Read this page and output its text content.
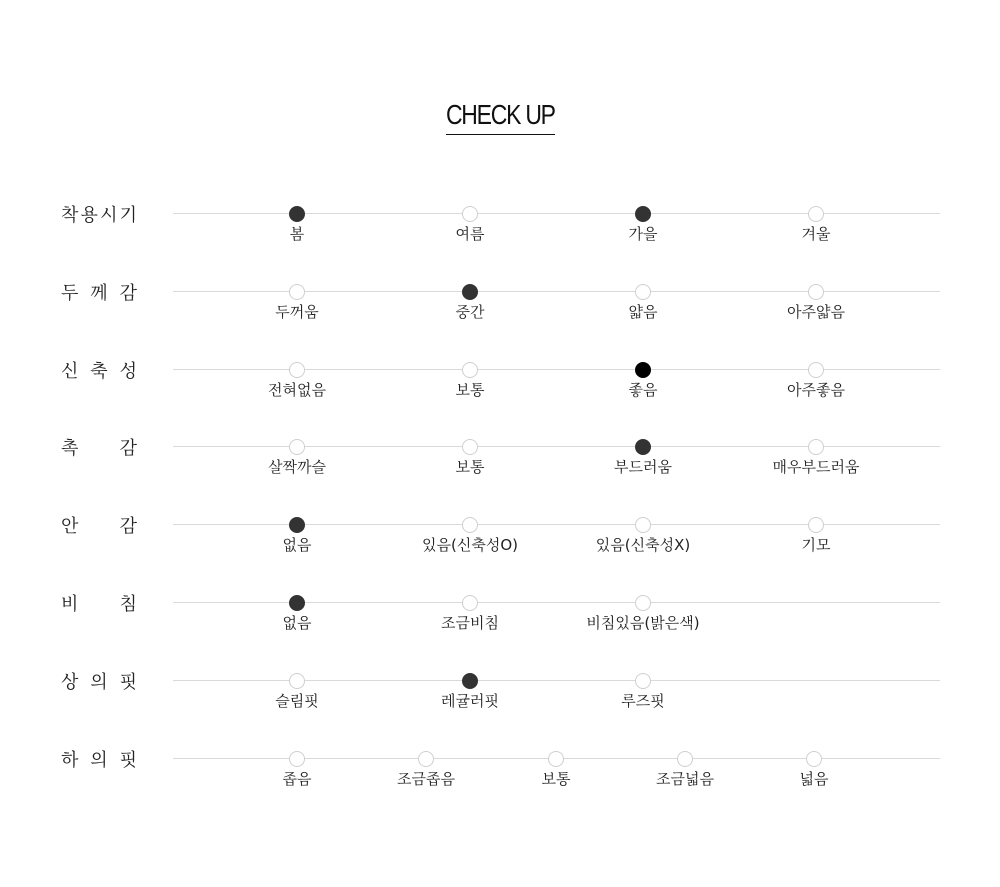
CHECK UP
착 용 시 기
봄	여름	가을	겨울
두 께 감
두꺼움	중간	얇음	아주얇음
신 축 성
전혀없음	보통	좋음	아주좋음
촉 감
살짝까슬	보통	부드러움	매우부드러움
안 감
없음	있음(신축성O)	있음(신축성X)	기모
비 침
없음	조금비침	비침있음(밝은색)
상 의 핏
슬림핏	레귤러핏	루즈핏
하 의 핏
좁음	조금좁음	보통	조금넓음	넓음
